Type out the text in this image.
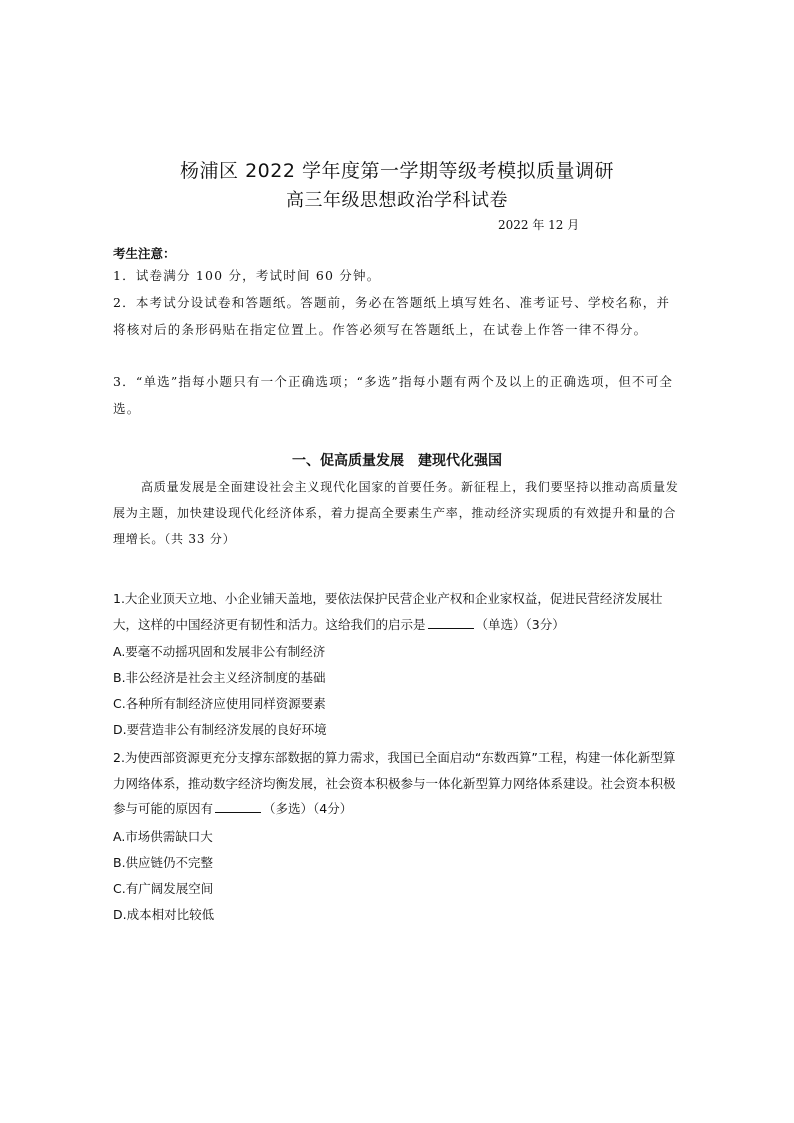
杨浦区 2022 学年度第一学期等级考模拟质量调研
高三年级思想政治学科试卷
2022 年 12 月
考生注意：
1．试卷满分 100 分，考试时间 60 分钟。
2．本考试分设试卷和答题纸。答题前，务必在答题纸上填写姓名、准考证号、学校名称，并将核对后的条形码贴在指定位置上。作答必须写在答题纸上，在试卷上作答一律不得分。
3．“单选”指每小题只有一个正确选项；“多选”指每小题有两个及以上的正确选项，但不可全选。
一、促高质量发展　建现代化强国
高质量发展是全面建设社会主义现代化国家的首要任务。新征程上，我们要坚持以推动高质量发展为主题，加快建设现代化经济体系，着力提高全要素生产率，推动经济实现质的有效提升和量的合理增长。（共 33 分）
1.大企业顶天立地、小企业铺天盖地，要依法保护民营企业产权和企业家权益，促进民营经济发展壮大，这样的中国经济更有韧性和活力。这给我们的启示是	（单选）（3分）
A.要毫不动摇巩固和发展非公有制经济
B.非公经济是社会主义经济制度的基础
C.各种所有制经济应使用同样资源要素
D.要营造非公有制经济发展的良好环境
2.为使西部资源更充分支撑东部数据的算力需求，我国已全面启动“东数西算”工程，构建一体化新型算力网络体系，推动数字经济均衡发展，社会资本积极参与一体化新型算力网络体系建设。社会资本积极参与可能的原因有	（多选）（4分）
A.市场供需缺口大
B.供应链仍不完整
C.有广阔发展空间
D.成本相对比较低
